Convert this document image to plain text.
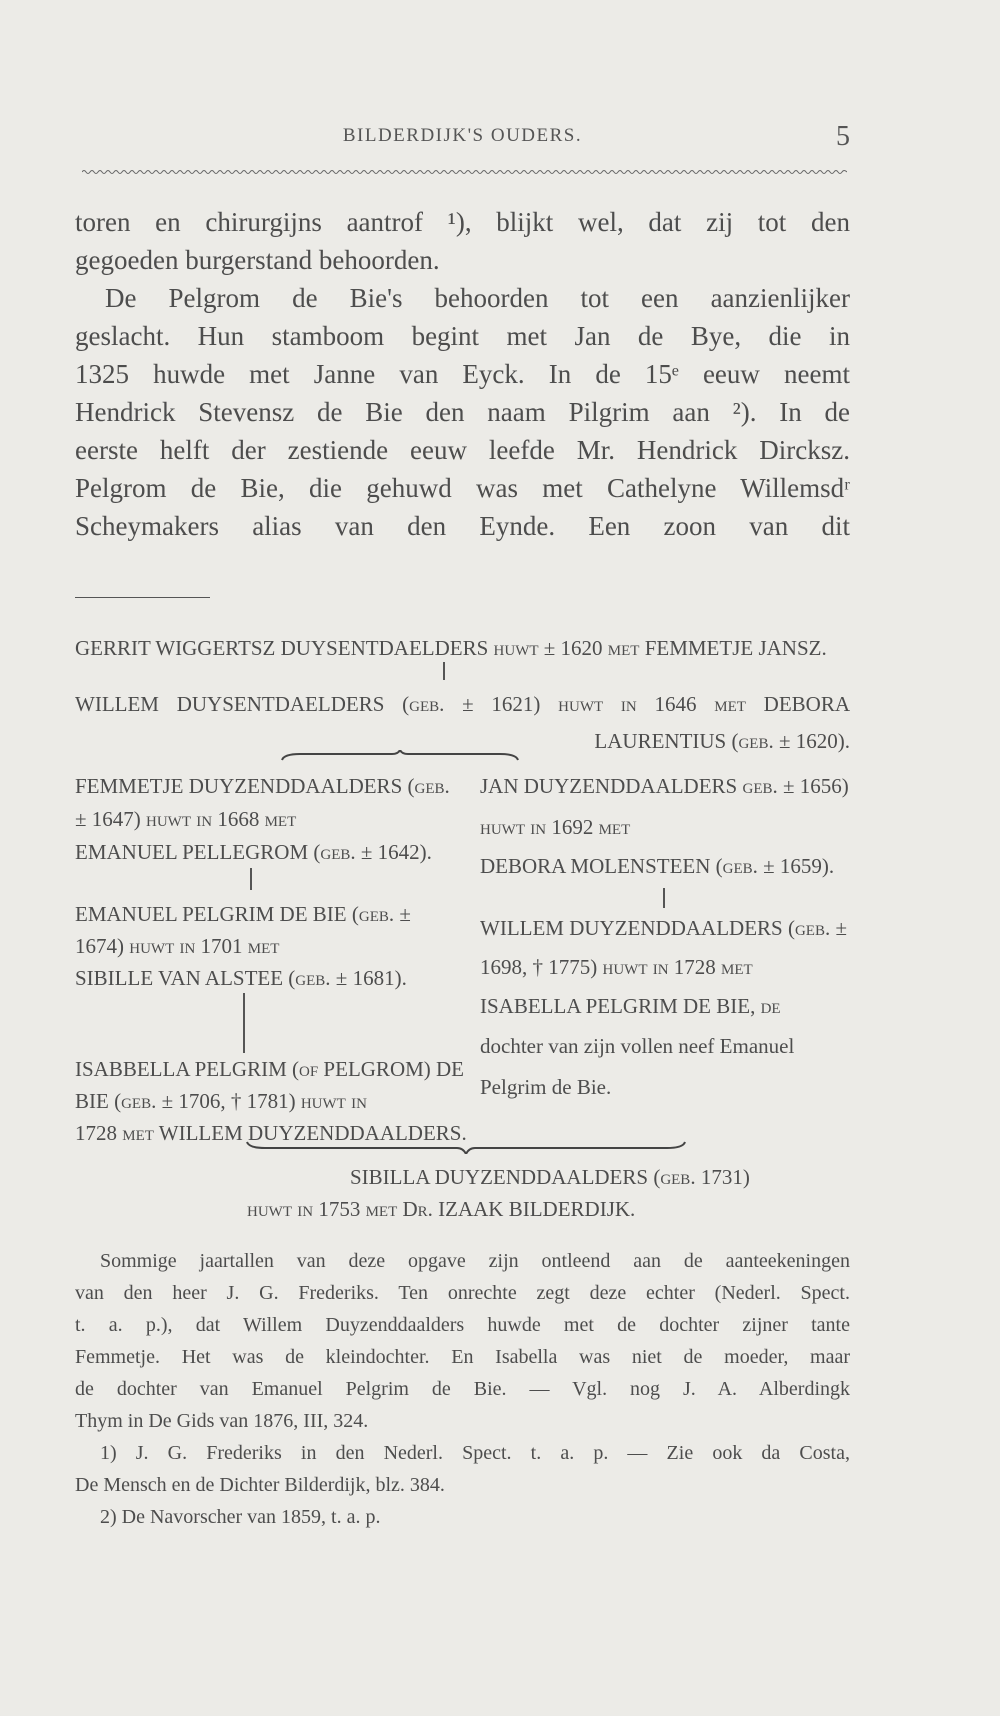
BILDERDIJK'S OUDERS.	5
toren en chirurgijns aantrof ¹), blijkt wel, dat zij tot den
gegoeden burgerstand behoorden.
De Pelgrom de Bie's behoorden tot een aanzienlijker
geslacht. Hun stamboom begint met Jan de Bye, die in
1325 huwde met Janne van Eyck. In de 15ᵉ eeuw neemt
Hendrick Stevensz de Bie den naam Pilgrim aan ²). In de
eerste helft der zestiende eeuw leefde Mr. Hendrick Dircksz.
Pelgrom de Bie, die gehuwd was met Cathelyne Willemsdʳ
Scheymakers alias van den Eynde. Een zoon van dit
GERRIT WIGGERTSZ DUYSENTDAELDERS huwt ± 1620 met FEMMETJE JANSZ.
WILLEM DUYSENTDAELDERS (geb. ± 1621) huwt in 1646 met DEBORA
LAURENTIUS (geb. ± 1620).
FEMMETJE DUYZENDDAALDERS (geb.
± 1647) huwt in 1668 met
EMANUEL PELLEGROM (geb. ± 1642).
EMANUEL PELGRIM DE BIE (geb. ±
1674) huwt in 1701 met
SIBILLE VAN ALSTEE (geb. ± 1681).
ISABBELLA PELGRIM (of PELGROM) DE
BIE (geb. ± 1706, † 1781) huwt in
1728 met WILLEM DUYZENDDAALDERS.
JAN DUYZENDDAALDERS geb. ± 1656)
huwt in 1692 met
DEBORA MOLENSTEEN (geb. ± 1659).
WILLEM DUYZENDDAALDERS (geb. ±
1698, † 1775) huwt in 1728 met
ISABELLA PELGRIM DE BIE, de
dochter van zijn vollen neef Emanuel
Pelgrim de Bie.
SIBILLA DUYZENDDAALDERS (geb. 1731)
huwt in 1753 met Dr. IZAAK BILDERDIJK.
Sommige jaartallen van deze opgave zijn ontleend aan de aanteekeningen
van den heer J. G. Frederiks. Ten onrechte zegt deze echter (Nederl. Spect.
t. a. p.), dat Willem Duyzenddaalders huwde met de dochter zijner tante
Femmetje. Het was de kleindochter. En Isabella was niet de moeder, maar
de dochter van Emanuel Pelgrim de Bie. — Vgl. nog J. A. Alberdingk
Thym in De Gids van 1876, III, 324.
1) J. G. Frederiks in den Nederl. Spect. t. a. p. — Zie ook da Costa,
De Mensch en de Dichter Bilderdijk, blz. 384.
2) De Navorscher van 1859, t. a. p.
